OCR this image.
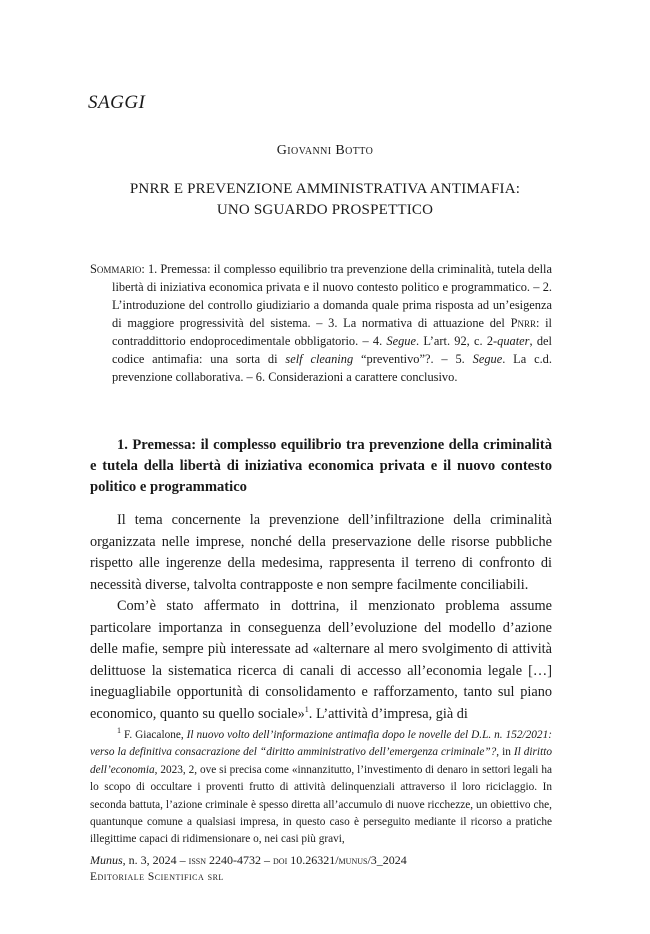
SAGGI
Giovanni Botto
PNRR E PREVENZIONE AMMINISTRATIVA ANTIMAFIA:
UNO SGUARDO PROSPETTICO

Sommario: 1. Premessa: il complesso equilibrio tra prevenzione della criminalità, tutela della libertà di iniziativa economica privata e il nuovo contesto politico e programmatico. – 2. L’introduzione del controllo giudiziario a domanda quale prima risposta ad un’esigenza di maggiore progressività del sistema. – 3. La normativa di attuazione del Pnrr: il contraddittorio endoprocedimentale obbligatorio. – 4. Segue. L’art. 92, c. 2-quater, del codice antimafia: una sorta di self cleaning “preventivo”?. – 5. Segue. La c.d. prevenzione collaborativa. – 6. Considerazioni a carattere conclusivo.

1. Premessa: il complesso equilibrio tra prevenzione della criminalità e tutela della libertà di iniziativa economica privata e il nuovo contesto politico e programmatico

Il tema concernente la prevenzione dell’infiltrazione della criminalità organizzata nelle imprese, nonché della preservazione delle risorse pubbliche rispetto alle ingerenze della medesima, rappresenta il terreno di confronto di necessità diverse, talvolta contrapposte e non sempre facilmente conciliabili.

Com’è stato affermato in dottrina, il menzionato problema assume particolare importanza in conseguenza dell’evoluzione del modello d’azione delle mafie, sempre più interessate ad «alternare al mero svolgimento di attività delittuose la sistematica ricerca di canali di accesso all’economia legale […] ineguagliabile opportunità di consolidamento e rafforzamento, tanto sul piano economico, quanto su quello sociale»$^1$. L’attività d’impresa, già di

$^1$ F. Giacalone, Il nuovo volto dell’informazione antimafia dopo le novelle del D.L. n. 152/2021: verso la definitiva consacrazione del “diritto amministrativo dell’emergenza criminale”?, in Il diritto dell’economia, 2023, 2, ove si precisa come «innanzitutto, l’investimento di denaro in settori legali ha lo scopo di occultare i proventi frutto di attività delinquenziali attraverso il loro riciclaggio. In seconda battuta, l’azione criminale è spesso diretta all’accumulo di nuove ricchezze, un obiettivo che, quantunque comune a qualsiasi impresa, in questo caso è perseguito mediante il ricorso a pratiche illegittime capaci di ridimensionare o, nei casi più gravi,

Munus, n. 3, 2024 – issn 2240-4732 – doi 10.26321/munus/3_2024
Editoriale Scientifica srl
